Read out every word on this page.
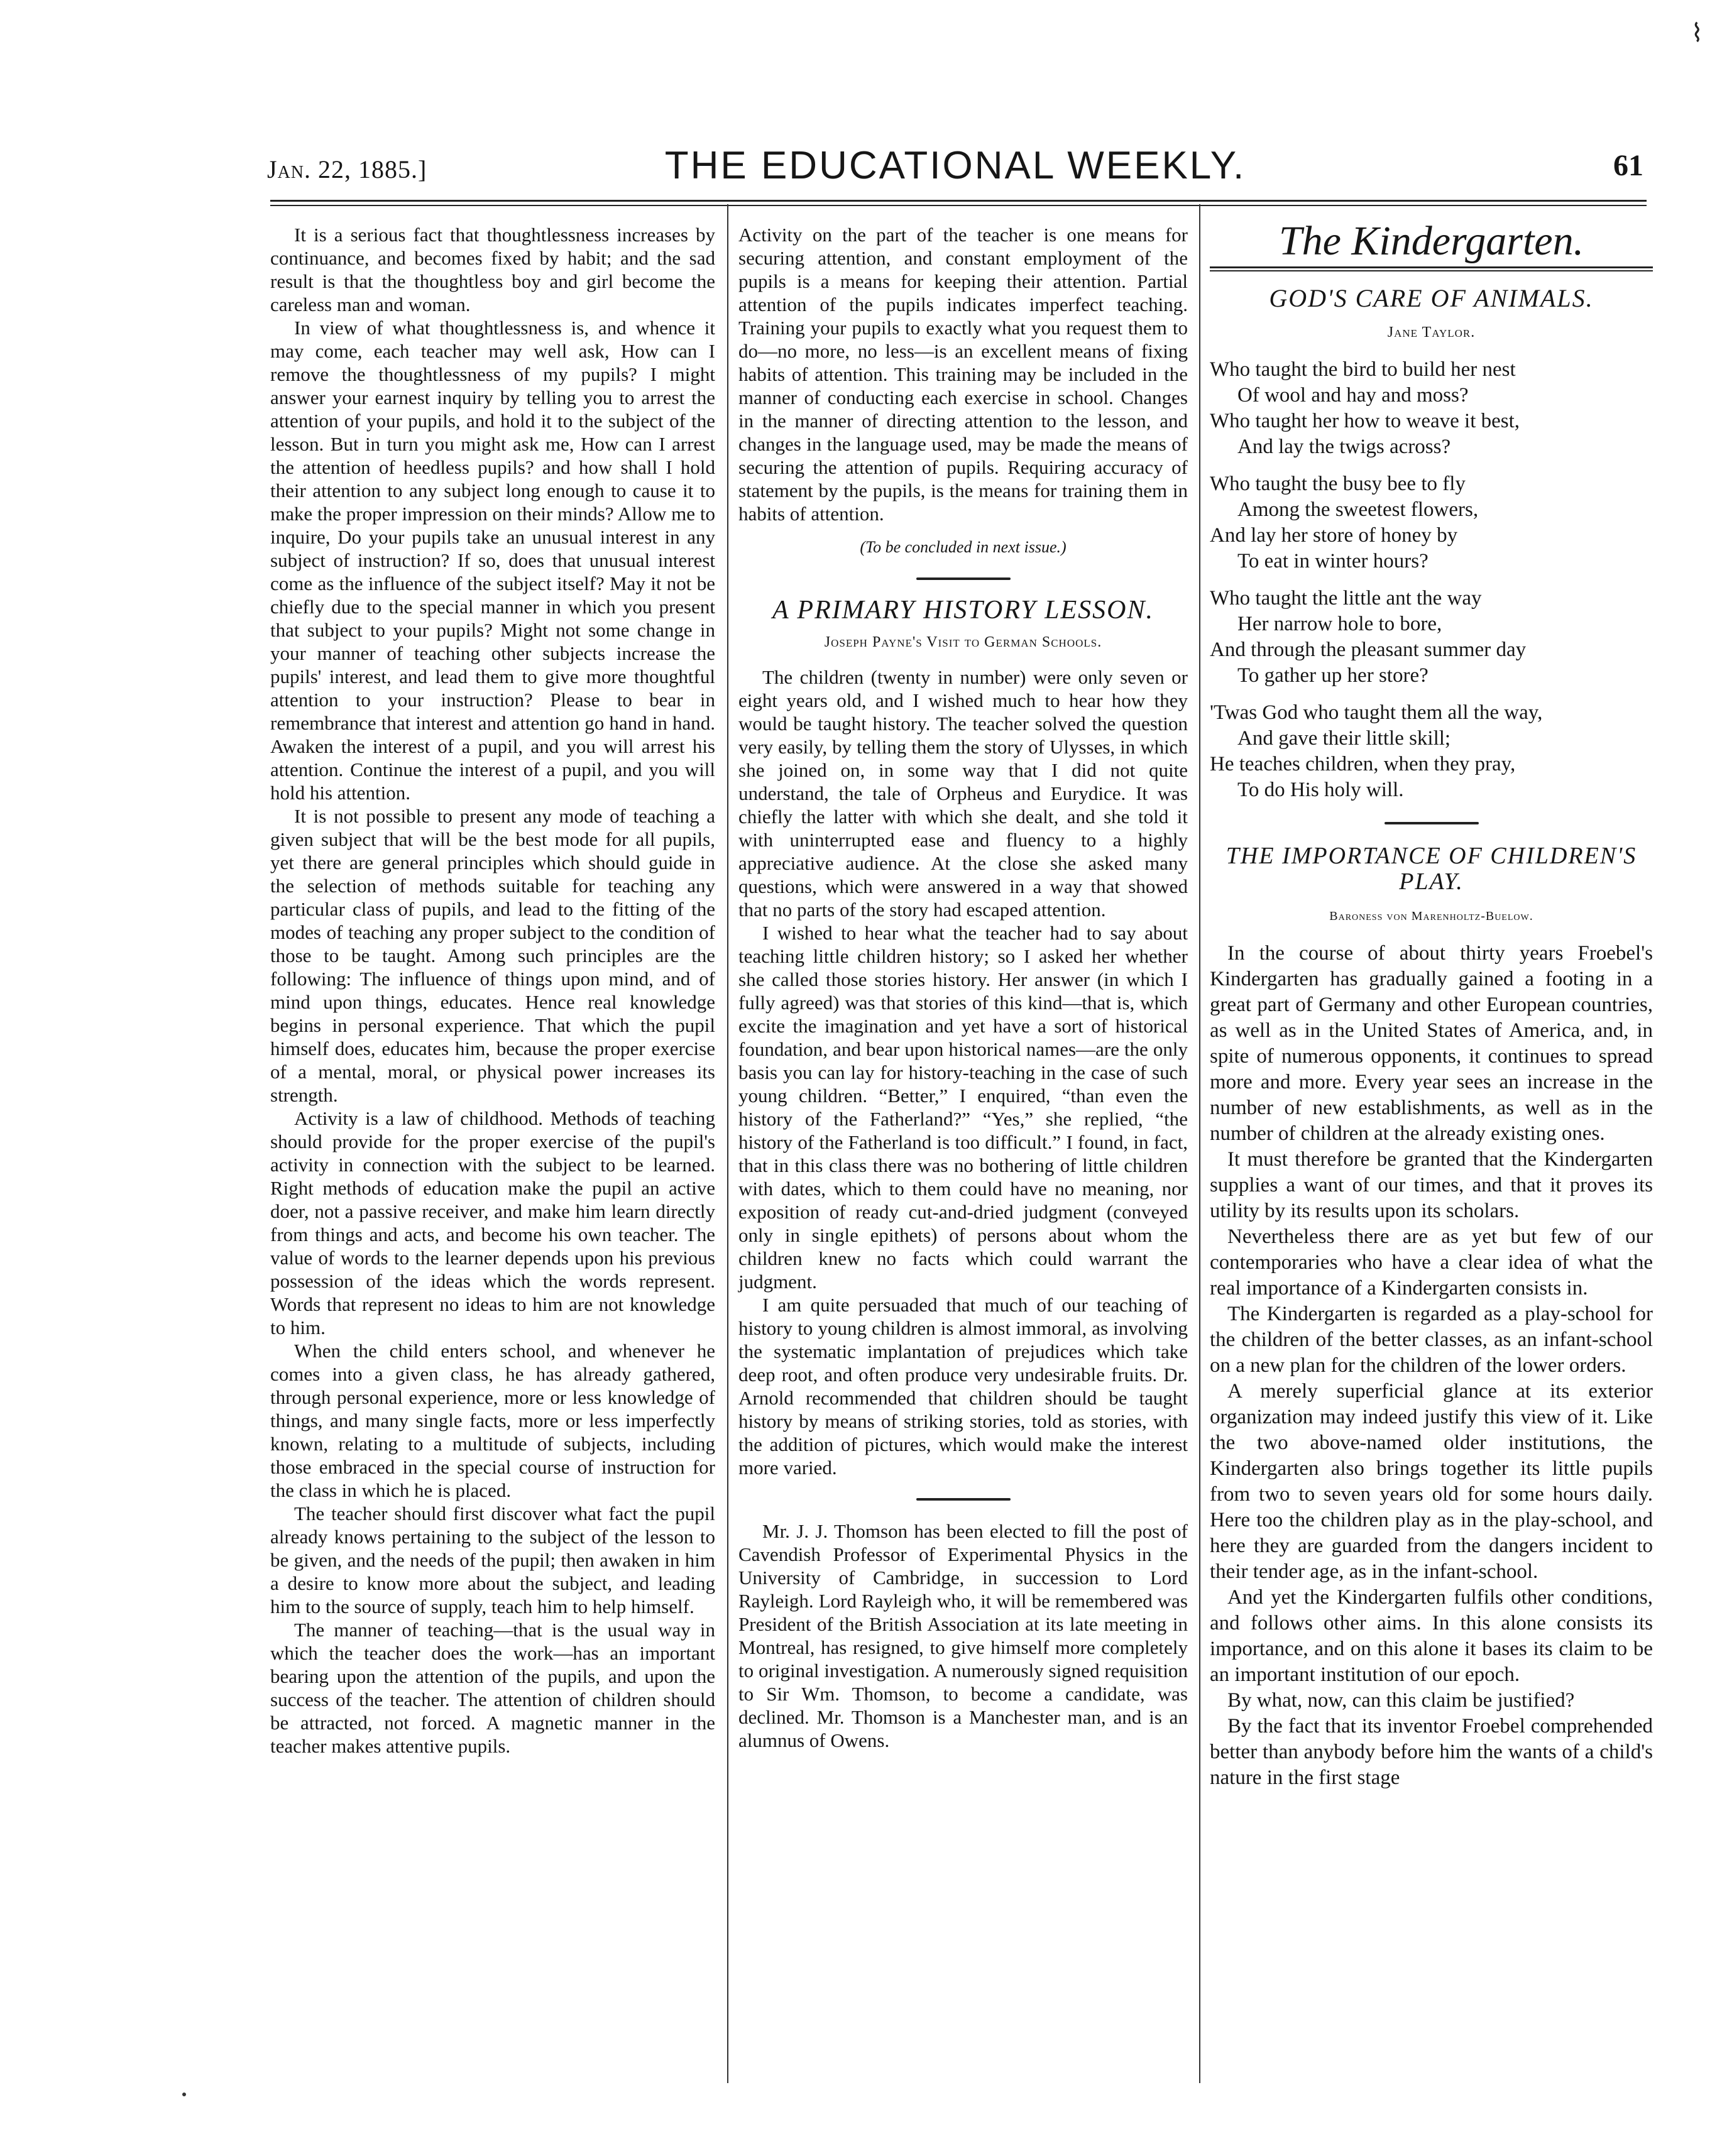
⌇
Jan. 22, 1885.]	THE EDUCATIONAL WEEKLY.	61

It is a serious fact that thoughtlessness increases by continuance, and becomes fixed by habit; and the sad result is that the thoughtless boy and girl become the careless man and woman.

In view of what thoughtlessness is, and whence it may come, each teacher may well ask, How can I remove the thoughtlessness of my pupils? I might answer your earnest inquiry by telling you to arrest the attention of your pupils, and hold it to the subject of the lesson. But in turn you might ask me, How can I arrest the attention of heedless pupils? and how shall I hold their attention to any subject long enough to cause it to make the proper impression on their minds? Allow me to inquire, Do your pupils take an unusual interest in any subject of instruction? If so, does that unusual interest come as the influence of the subject itself? May it not be chiefly due to the special manner in which you present that subject to your pupils? Might not some change in your manner of teaching other subjects increase the pupils' interest, and lead them to give more thoughtful attention to your instruction? Please to bear in remembrance that interest and attention go hand in hand. Awaken the interest of a pupil, and you will arrest his attention. Continue the interest of a pupil, and you will hold his attention.

It is not possible to present any mode of teaching a given subject that will be the best mode for all pupils, yet there are general principles which should guide in the selection of methods suitable for teaching any particular class of pupils, and lead to the fitting of the modes of teaching any proper subject to the condition of those to be taught. Among such principles are the following: The influence of things upon mind, and of mind upon things, educates. Hence real knowledge begins in personal experience. That which the pupil himself does, educates him, because the proper exercise of a mental, moral, or physical power increases its strength.

Activity is a law of childhood. Methods of teaching should provide for the proper exercise of the pupil's activity in connection with the subject to be learned. Right methods of education make the pupil an active doer, not a passive receiver, and make him learn directly from things and acts, and become his own teacher. The value of words to the learner depends upon his previous possession of the ideas which the words represent. Words that represent no ideas to him are not knowledge to him.

When the child enters school, and whenever he comes into a given class, he has already gathered, through personal experience, more or less knowledge of things, and many single facts, more or less imperfectly known, relating to a multitude of subjects, including those embraced in the special course of instruction for the class in which he is placed.

The teacher should first discover what fact the pupil already knows pertaining to the subject of the lesson to be given, and the needs of the pupil; then awaken in him a desire to know more about the subject, and leading him to the source of supply, teach him to help himself.

The manner of teaching—that is the usual way in which the teacher does the work—has an important bearing upon the attention of the pupils, and upon the success of the teacher. The attention of children should be attracted, not forced. A magnetic manner in the teacher makes attentive pupils.

Activity on the part of the teacher is one means for securing attention, and constant employment of the pupils is a means for keeping their attention. Partial attention of the pupils indicates imperfect teaching. Training your pupils to exactly what you request them to do—no more, no less—is an excellent means of fixing habits of attention. This training may be included in the manner of conducting each exercise in school. Changes in the manner of directing attention to the lesson, and changes in the language used, may be made the means of securing the attention of pupils. Requiring accuracy of statement by the pupils, is the means for training them in habits of attention.

(To be concluded in next issue.)
A PRIMARY HISTORY LESSON.
Joseph Payne's Visit to German Schools.

The children (twenty in number) were only seven or eight years old, and I wished much to hear how they would be taught history. The teacher solved the question very easily, by telling them the story of Ulysses, in which she joined on, in some way that I did not quite understand, the tale of Orpheus and Eurydice. It was chiefly the latter with which she dealt, and she told it with uninterrupted ease and fluency to a highly appreciative audience. At the close she asked many questions, which were answered in a way that showed that no parts of the story had escaped attention.

I wished to hear what the teacher had to say about teaching little children history; so I asked her whether she called those stories history. Her answer (in which I fully agreed) was that stories of this kind—that is, which excite the imagination and yet have a sort of historical foundation, and bear upon historical names—are the only basis you can lay for history-teaching in the case of such young children. “Better,” I enquired, “than even the history of the Fatherland?” “Yes,” she replied, “the history of the Fatherland is too difficult.” I found, in fact, that in this class there was no bothering of little children with dates, which to them could have no meaning, nor exposition of ready cut-and-dried judgment (conveyed only in single epithets) of persons about whom the children knew no facts which could warrant the judgment.

I am quite persuaded that much of our teaching of history to young children is almost immoral, as involving the systematic implantation of prejudices which take deep root, and often produce very undesirable fruits. Dr. Arnold recommended that children should be taught history by means of striking stories, told as stories, with the addition of pictures, which would make the interest more varied.

Mr. J. J. Thomson has been elected to fill the post of Cavendish Professor of Experimental Physics in the University of Cambridge, in succession to Lord Rayleigh. Lord Rayleigh who, it will be remembered was President of the British Association at its late meeting in Montreal, has resigned, to give himself more completely to original investigation. A numerously signed requisition to Sir Wm. Thomson, to become a candidate, was declined. Mr. Thomson is a Manchester man, and is an alumnus of Owens.

The Kindergarten.
GOD'S CARE OF ANIMALS.
Jane Taylor.
Who taught the bird to build her nest
Of wool and hay and moss?
Who taught her how to weave it best,
And lay the twigs across?
Who taught the busy bee to fly
Among the sweetest flowers,
And lay her store of honey by
To eat in winter hours?
Who taught the little ant the way
Her narrow hole to bore,
And through the pleasant summer day
To gather up her store?
'Twas God who taught them all the way,
And gave their little skill;
He teaches children, when they pray,
To do His holy will.
THE IMPORTANCE OF CHILDREN'S PLAY.
Baroness von Marenholtz-Buelow.

In the course of about thirty years Froebel's Kindergarten has gradually gained a footing in a great part of Germany and other European countries, as well as in the United States of America, and, in spite of numerous opponents, it continues to spread more and more. Every year sees an increase in the number of new establishments, as well as in the number of children at the already existing ones.

It must therefore be granted that the Kindergarten supplies a want of our times, and that it proves its utility by its results upon its scholars.

Nevertheless there are as yet but few of our contemporaries who have a clear idea of what the real importance of a Kindergarten consists in.

The Kindergarten is regarded as a play-school for the children of the better classes, as an infant-school on a new plan for the children of the lower orders.

A merely superficial glance at its exterior organization may indeed justify this view of it. Like the two above-named older institutions, the Kindergarten also brings together its little pupils from two to seven years old for some hours daily. Here too the children play as in the play-school, and here they are guarded from the dangers incident to their tender age, as in the infant-school.

And yet the Kindergarten fulfils other conditions, and follows other aims. In this alone consists its importance, and on this alone it bases its claim to be an important institution of our epoch.

By what, now, can this claim be justified?

By the fact that its inventor Froebel comprehended better than anybody before him the wants of a child's nature in the first stage
